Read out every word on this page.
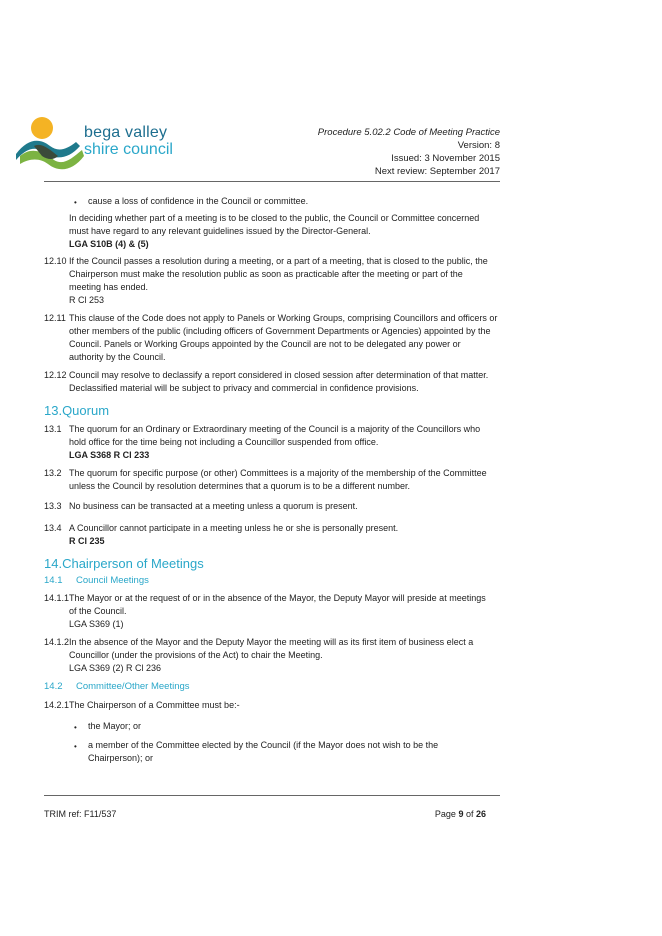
bega valley
shire council
Procedure 5.02.2 Code of Meeting Practice
Version: 8
Issued: 3 November 2015
Next review: September 2017
• cause a loss of confidence in the Council or committee.
In deciding whether part of a meeting is to be closed to the public, the Council or Committee concerned
must have regard to any relevant guidelines issued by the Director-General.
LGA S10B (4) & (5)
12.10 If the Council passes a resolution during a meeting, or a part of a meeting, that is closed to the public, the
Chairperson must make the resolution public as soon as practicable after the meeting or part of the
meeting has ended.
R Cl 253
12.11 This clause of the Code does not apply to Panels or Working Groups, comprising Councillors and officers or
other members of the public (including officers of Government Departments or Agencies) appointed by the
Council. Panels or Working Groups appointed by the Council are not to be delegated any power or
authority by the Council.
12.12 Council may resolve to declassify a report considered in closed session after determination of that matter.
Declassified material will be subject to privacy and commercial in confidence provisions.
13.Quorum
13.1 The quorum for an Ordinary or Extraordinary meeting of the Council is a majority of the Councillors who
hold office for the time being not including a Councillor suspended from office.
LGA S368 R Cl 233
13.2 The quorum for specific purpose (or other) Committees is a majority of the membership of the Committee
unless the Council by resolution determines that a quorum is to be a different number.
13.3 No business can be transacted at a meeting unless a quorum is present.
13.4 A Councillor cannot participate in a meeting unless he or she is personally present.
R Cl 235
14.Chairperson of Meetings
14.1 Council Meetings
14.1.1 The Mayor or at the request of or in the absence of the Mayor, the Deputy Mayor will preside at meetings
of the Council.
LGA S369 (1)
14.1.2 In the absence of the Mayor and the Deputy Mayor the meeting will as its first item of business elect a
Councillor (under the provisions of the Act) to chair the Meeting.
LGA S369 (2) R Cl 236
14.2 Committee/Other Meetings
14.2.1 The Chairperson of a Committee must be:-
• the Mayor; or
• a member of the Committee elected by the Council (if the Mayor does not wish to be the
Chairperson); or
TRIM ref: F11/537	Page 9 of 26
